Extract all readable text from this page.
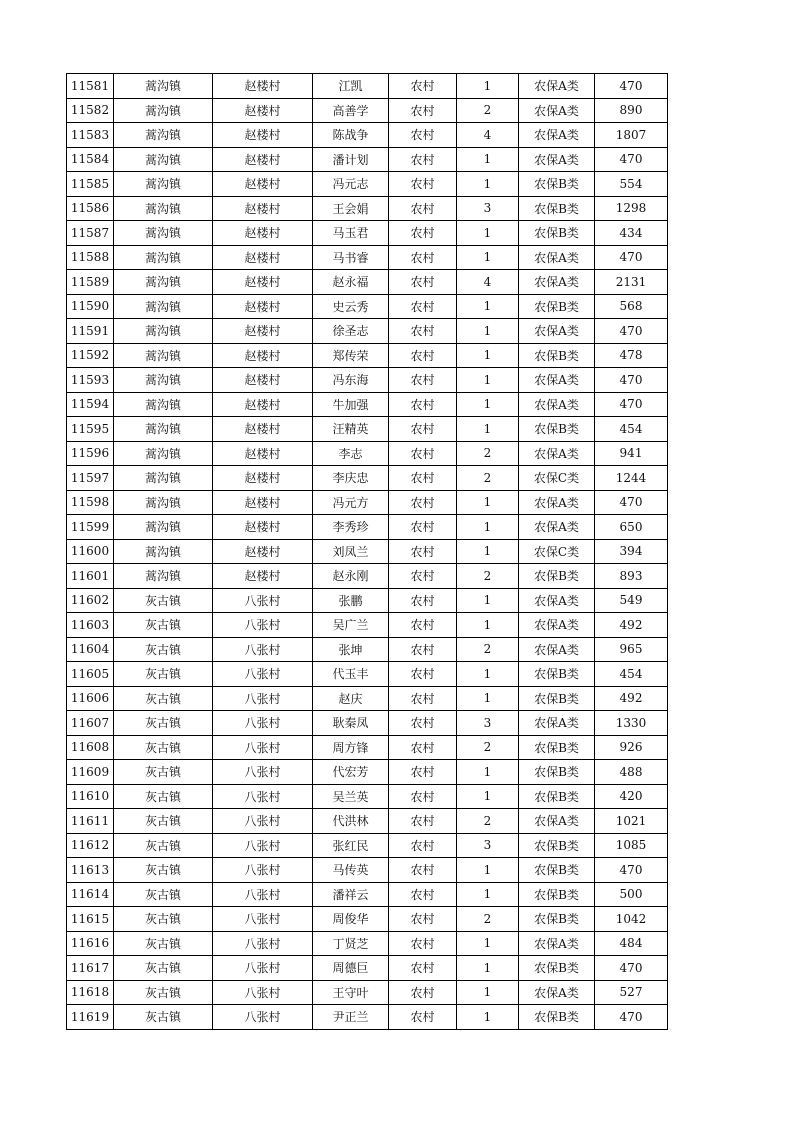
11581	蒿沟镇	赵楼村	江凯	农村	1	农保A类	470
11582	蒿沟镇	赵楼村	高善学	农村	2	农保A类	890
11583	蒿沟镇	赵楼村	陈战争	农村	4	农保A类	1807
11584	蒿沟镇	赵楼村	潘计划	农村	1	农保A类	470
11585	蒿沟镇	赵楼村	冯元志	农村	1	农保B类	554
11586	蒿沟镇	赵楼村	王会娟	农村	3	农保B类	1298
11587	蒿沟镇	赵楼村	马玉君	农村	1	农保B类	434
11588	蒿沟镇	赵楼村	马书睿	农村	1	农保A类	470
11589	蒿沟镇	赵楼村	赵永福	农村	4	农保A类	2131
11590	蒿沟镇	赵楼村	史云秀	农村	1	农保B类	568
11591	蒿沟镇	赵楼村	徐圣志	农村	1	农保A类	470
11592	蒿沟镇	赵楼村	郑传荣	农村	1	农保B类	478
11593	蒿沟镇	赵楼村	冯东海	农村	1	农保A类	470
11594	蒿沟镇	赵楼村	牛加强	农村	1	农保A类	470
11595	蒿沟镇	赵楼村	汪精英	农村	1	农保B类	454
11596	蒿沟镇	赵楼村	李志	农村	2	农保A类	941
11597	蒿沟镇	赵楼村	李庆忠	农村	2	农保C类	1244
11598	蒿沟镇	赵楼村	冯元方	农村	1	农保A类	470
11599	蒿沟镇	赵楼村	李秀珍	农村	1	农保A类	650
11600	蒿沟镇	赵楼村	刘凤兰	农村	1	农保C类	394
11601	蒿沟镇	赵楼村	赵永刚	农村	2	农保B类	893
11602	灰古镇	八张村	张鹏	农村	1	农保A类	549
11603	灰古镇	八张村	吴广兰	农村	1	农保A类	492
11604	灰古镇	八张村	张坤	农村	2	农保A类	965
11605	灰古镇	八张村	代玉丰	农村	1	农保B类	454
11606	灰古镇	八张村	赵庆	农村	1	农保B类	492
11607	灰古镇	八张村	耿秦凤	农村	3	农保A类	1330
11608	灰古镇	八张村	周方锋	农村	2	农保B类	926
11609	灰古镇	八张村	代宏芳	农村	1	农保B类	488
11610	灰古镇	八张村	吴兰英	农村	1	农保B类	420
11611	灰古镇	八张村	代洪林	农村	2	农保A类	1021
11612	灰古镇	八张村	张红民	农村	3	农保B类	1085
11613	灰古镇	八张村	马传英	农村	1	农保B类	470
11614	灰古镇	八张村	潘祥云	农村	1	农保B类	500
11615	灰古镇	八张村	周俊华	农村	2	农保B类	1042
11616	灰古镇	八张村	丁贤芝	农村	1	农保A类	484
11617	灰古镇	八张村	周德巨	农村	1	农保B类	470
11618	灰古镇	八张村	王守叶	农村	1	农保A类	527
11619	灰古镇	八张村	尹正兰	农村	1	农保B类	470
